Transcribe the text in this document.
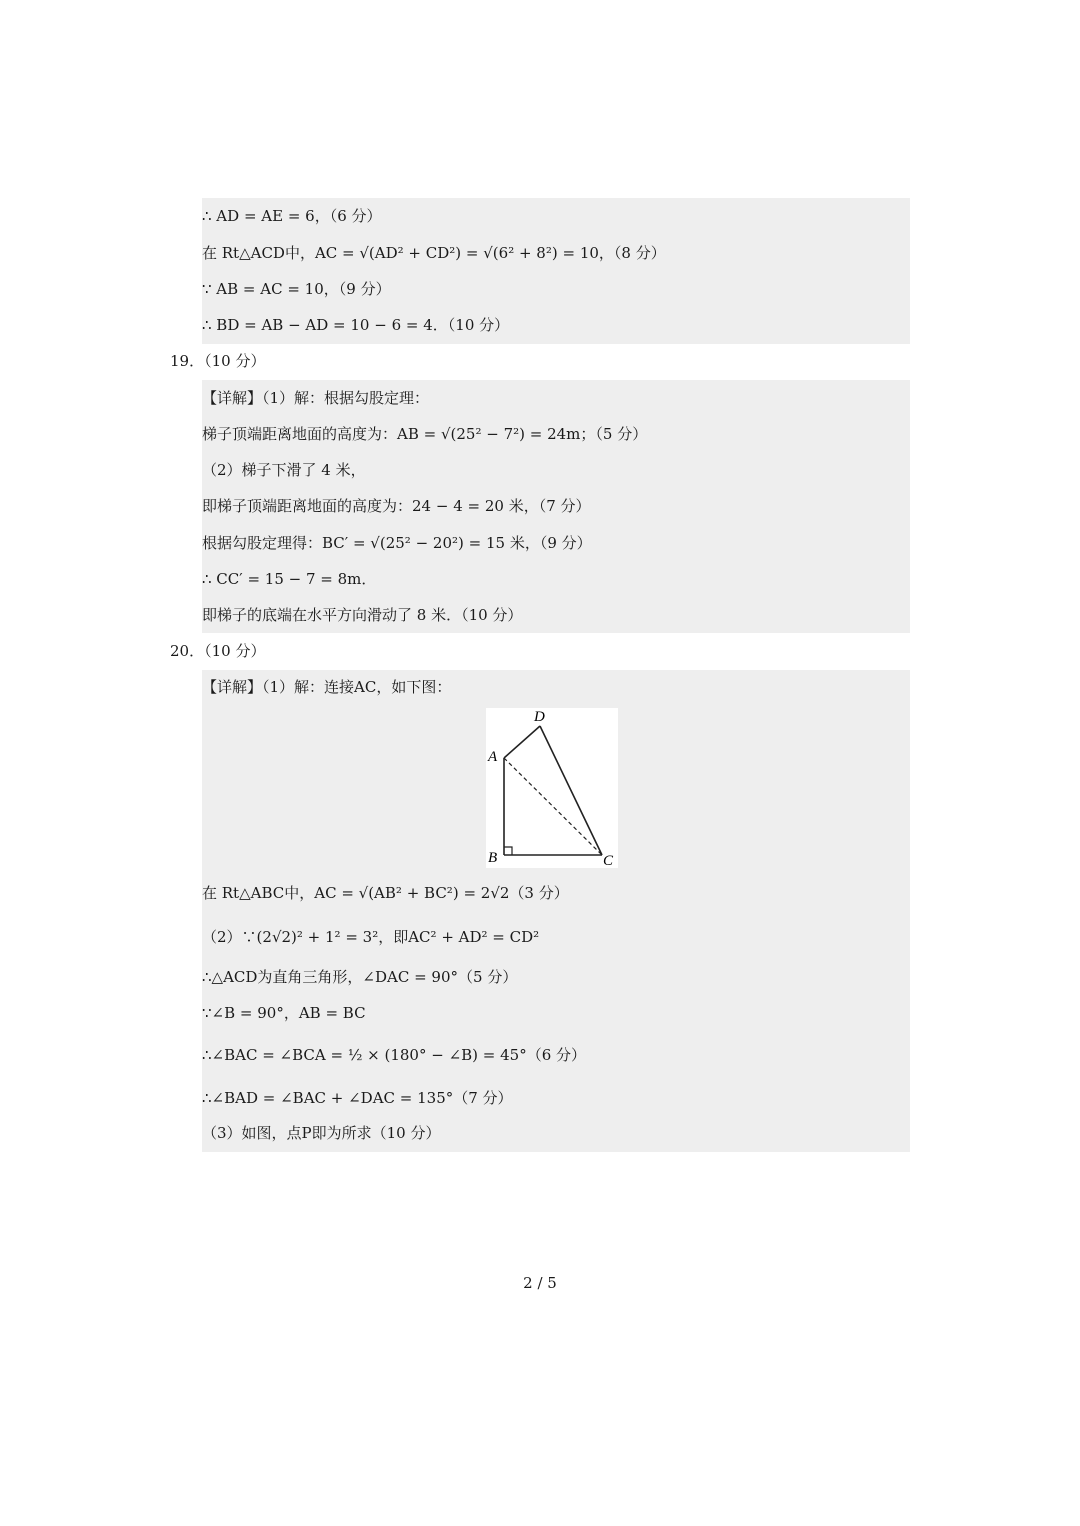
∴ AD = AE = 6，（6 分）
在 Rt△ACD中，AC = √(AD² + CD²) = √(6² + 8²) = 10，（8 分）
∵ AB = AC = 10，（9 分）
∴ BD = AB − AD = 10 − 6 = 4．（10 分）
19．（10 分）
【详解】（1）解：根据勾股定理：
梯子顶端距离地面的高度为：AB = √(25² − 7²) = 24m；（5 分）
（2）梯子下滑了 4 米，
即梯子顶端距离地面的高度为：24 − 4 = 20 米，（7 分）
根据勾股定理得：BC′ = √(25² − 20²) = 15 米，（9 分）
∴ CC′ = 15 − 7 = 8m．
即梯子的底端在水平方向滑动了 8 米．（10 分）
20．（10 分）
【详解】（1）解：连接AC，如下图：
D
A
B	C
在 Rt△ABC中，AC = √(AB² + BC²) = 2√2（3 分）
（2）∵(2√2)² + 1² = 3²，即AC² + AD² = CD²
∴△ACD为直角三角形，∠DAC = 90°（5 分）
∵∠B = 90°，AB = BC
∴∠BAC = ∠BCA = ½ × (180° − ∠B) = 45°（6 分）
∴∠BAD = ∠BAC + ∠DAC = 135°（7 分）
（3）如图，点P即为所求（10 分）
2 / 5
